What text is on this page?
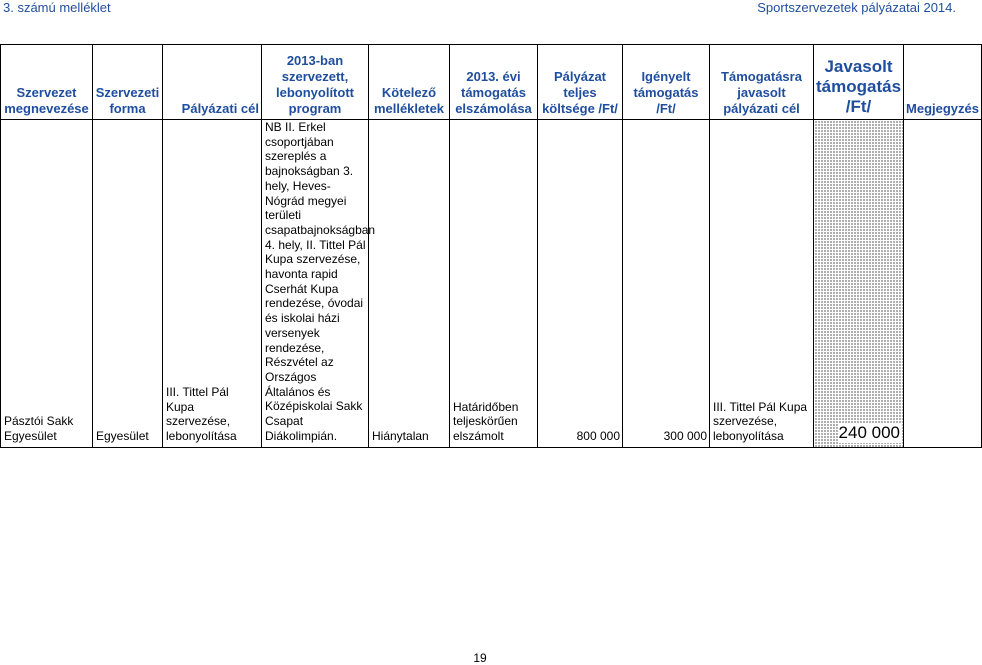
3. számú melléklet	Sportszervezetek pályázatai 2014.
Szervezet megnevezése	Szervezeti forma	Pályázati cél	2013-ban szervezett, lebonyolított program	Kötelező mellékletek	2013. évi támogatás elszámolása	Pályázat teljes költsége /Ft/	Igényelt támogatás /Ft/	Támogatásra javasolt pályázati cél	Javasolt támogatás /Ft/	Megjegyzés
Pásztói Sakk Egyesület	Egyesület	III. Tittel Pál Kupa szervezése, lebonyolítása	NB II. Erkel csoportjában szereplés a bajnokságban 3. hely, Heves-Nógrád megyei területi csapatbajnokságban 4. hely, II. Tittel Pál Kupa szervezése, havonta rapid Cserhát Kupa rendezése, óvodai és iskolai házi versenyek rendezése, Részvétel az Országos Általános és Középiskolai Sakk Csapat Diákolimpián.	Hiánytalan	Határidőben teljeskörűen elszámolt	800 000	300 000	III. Tittel Pál Kupa szervezése, lebonyolítása	240 000	
19
